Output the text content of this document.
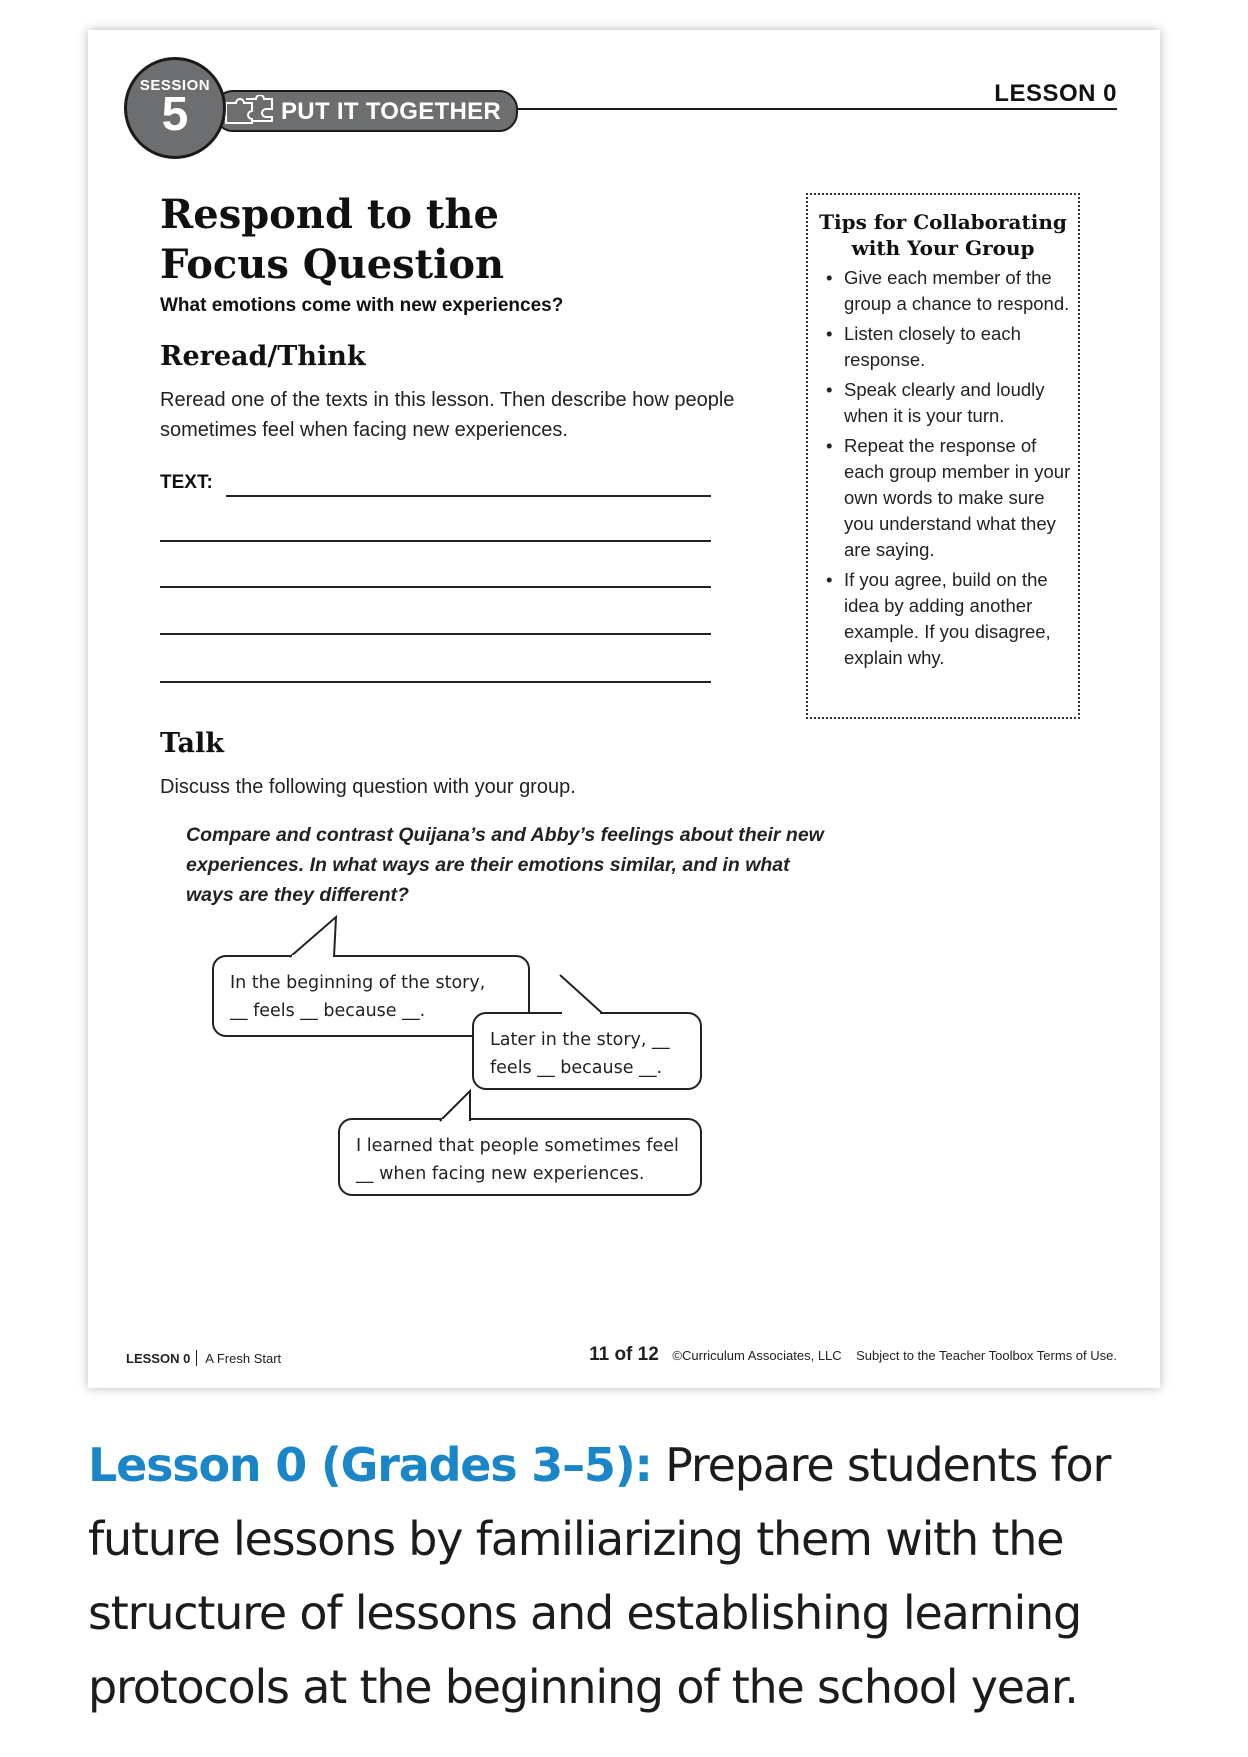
SESSION
5	PUT IT TOGETHER
LESSON 0
Respond to the
Focus Question
What emotions come with new experiences?
Reread/Think
Reread one of the texts in this lesson. Then describe how people
sometimes feel when facing new experiences.
TEXT:
Tips for Collaborating
with Your Group
• Give each member of the group a chance to respond.
• Listen closely to each response.
• Speak clearly and loudly when it is your turn.
• Repeat the response of each group member in your own words to make sure you understand what they are saying.
• If you agree, build on the idea by adding another example. If you disagree, explain why.
Talk
Discuss the following question with your group.
Compare and contrast Quijana’s and Abby’s feelings about their new
experiences. In what ways are their emotions similar, and in what
ways are they different?
In the beginning of the story,
__ feels __ because __.
Later in the story, __
feels __ because __.
I learned that people sometimes feel
__ when facing new experiences.
LESSON 0 A Fresh Start	11 of 12 ©Curriculum Associates, LLC Subject to the Teacher Toolbox Terms of Use.
Lesson 0 (Grades 3–5): Prepare students for future lessons by familiarizing them with the structure of lessons and establishing learning protocols at the beginning of the school year.
